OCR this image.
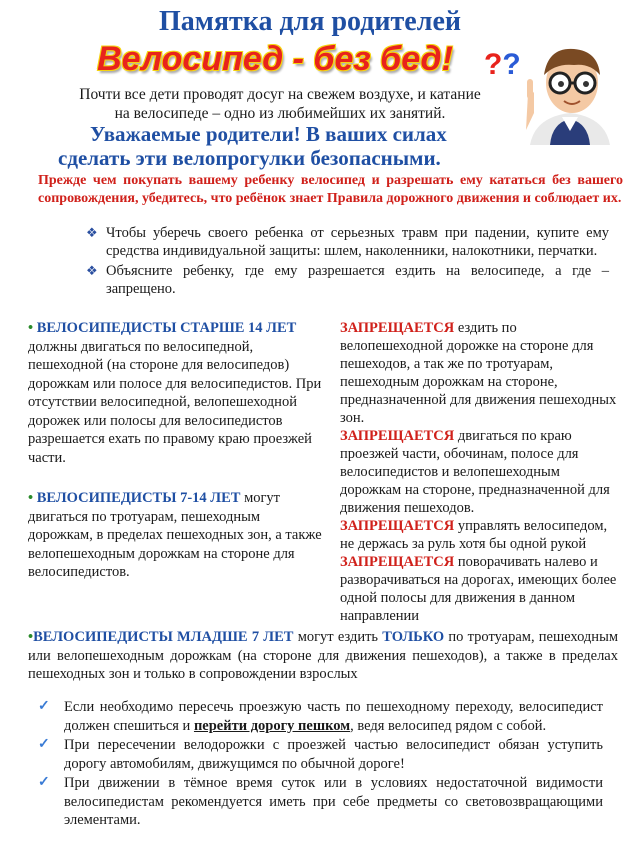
Памятка для родителей
Велосипед - без бед!	??
Почти все дети проводят досуг на свежем воздухе, и катание на велосипеде – одно из любимейших их занятий.
Уважаемые родители! В ваших силах
сделать эти велопрогулки безопасными.
Прежде чем покупать вашему ребенку велосипед и разрешать ему кататься без вашего сопровождения, убедитесь, что ребёнок знает Правила дорожного движения и соблюдает их.
❖ Чтобы уберечь своего ребенка от серьезных травм при падении, купите ему средства индивидуальной защиты: шлем, наколенники, налокотники, перчатки.
❖ Объясните ребенку, где ему разрешается ездить на велосипеде, а где – запрещено.
• ВЕЛОСИПЕДИСТЫ СТАРШЕ 14 ЛЕТ должны двигаться по велосипедной, пешеходной (на стороне для велосипедов) дорожкам или полосе для велосипедистов. При отсутствии велосипедной, велопешеходной дорожек или полосы для велосипедистов разрешается ехать по правому краю проезжей части.
• ВЕЛОСИПЕДИСТЫ 7-14 ЛЕТ могут двигаться по тротуарам, пешеходным дорожкам, в пределах пешеходных зон, а также велопешеходным дорожкам на стороне для велосипедистов.
ЗАПРЕЩАЕТСЯ ездить по велопешеходной дорожке на стороне для пешеходов, а так же по тротуарам, пешеходным дорожкам на стороне, предназначенной для движения пешеходных зон.
ЗАПРЕЩАЕТСЯ двигаться по краю проезжей части, обочинам, полосе для велосипедистов и велопешеходным дорожкам на стороне, предназначенной для движения пешеходов.
ЗАПРЕЩАЕТСЯ управлять велосипедом, не держась за руль хотя бы одной рукой
ЗАПРЕЩАЕТСЯ поворачивать налево и разворачиваться на дорогах, имеющих более одной полосы для движения в данном направлении
•ВЕЛОСИПЕДИСТЫ МЛАДШЕ 7 ЛЕТ могут ездить ТОЛЬКО по тротуарам, пешеходным или велопешеходным дорожкам (на стороне для движения пешеходов), а также в пределах пешеходных зон и только в сопровождении взрослых
✓ Если необходимо пересечь проезжую часть по пешеходному переходу, велосипедист должен спешиться и перейти дорогу пешком, ведя велосипед рядом с собой.
✓ При пересечении велодорожки с проезжей частью велосипедист обязан уступить дорогу автомобилям, движущимся по обычной дороге!
✓ При движении в тёмное время суток или в условиях недостаточной видимости велосипедистам рекомендуется иметь при себе предметы со световозвращающими элементами.
